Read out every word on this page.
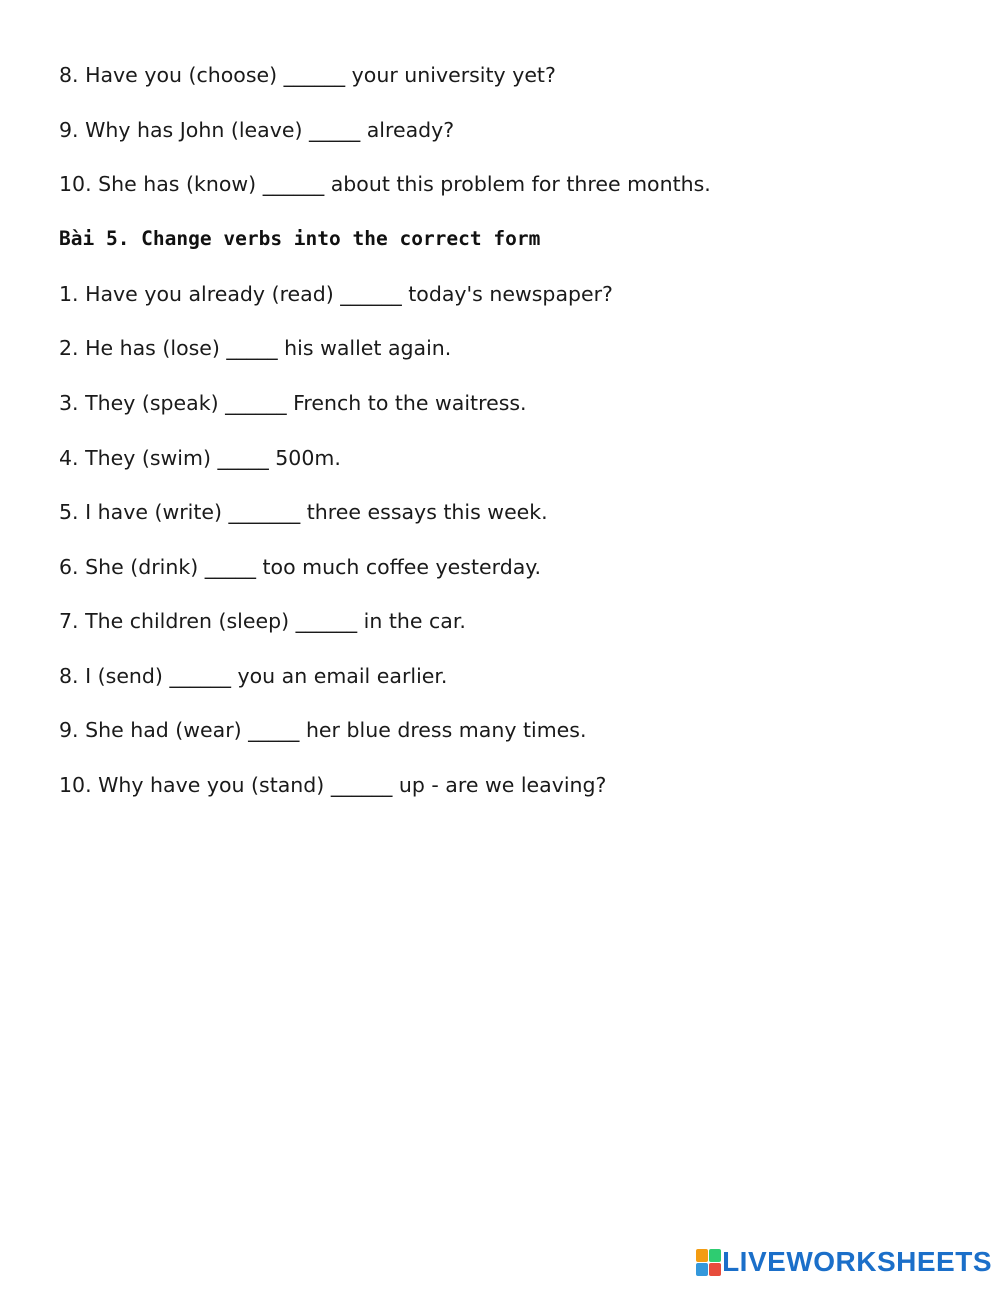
8. Have you (choose) ______ your university yet?
9. Why has John (leave) _____ already?
10. She has (know) ______ about this problem for three months.
Bài 5. Change verbs into the correct form
1. Have you already (read) ______ today's newspaper?
2. He has (lose) _____ his wallet again.
3. They (speak) ______ French to the waitress.
4. They (swim) _____ 500m.
5. I have (write) _______ three essays this week.
6. She (drink) _____ too much coffee yesterday.
7. The children (sleep) ______ in the car.
8. I (send) ______ you an email earlier.
9. She had (wear) _____ her blue dress many times.
10. Why have you (stand) ______ up - are we leaving?
LIVEWORKSHEETS
